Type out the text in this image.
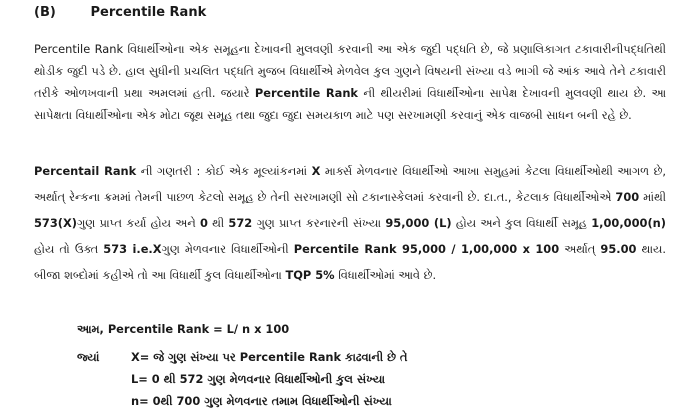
(B)	Percentile Rank

Percentile Rank વિધાર્થીઓના એક સમૂહના દેખાવની મુલવણી કરવાની આ એક જુદી પદ્ધતિ છે, જે પ્રણાલિકાગત ટકાવારીનીપદ્ધતિથી થોડીક જુદી પડે છે. હાલ સુધીની પ્રચલિત પદ્ધતિ મુજબ વિધાર્થીએ મેળવેલ કુલ ગુણને વિષયની સંખ્યા વડે ભાગી જે આંક આવે તેને ટકાવારી તરીકે ઓળખવાની પ્રથા અમલમાં હતી. જયારે Percentile Rank ની થીયરીમાં વિધાર્થીઓના સાપેક્ષ દેખાવની મુલવણી થાય છે. આ સાપેક્ષતા વિધાર્થીઓના એક મોટા જૂથ સમૂહ તથા જુદા જુદા સમયકાળ માટે પણ સરખામણી કરવાનું એક વાજબી સાધન બની રહે છે.

Percentail Rank ની ગણતરી : કોઈ એક મૂલ્યાંકનમાં X માર્ક્સ મેળવનાર વિધાર્થીઓ આખા સમુહમાં કેટલા વિધાર્થીઓથી આગળ છે, અર્થાત્ રેન્કના ક્રમમાં તેમની પાછળ કેટલો સમૂહ છે તેની સરખામણી સો ટકાનાસ્કેલમાં કરવાની છે. દા.ત., કેટલાક વિધાર્થીઓએ 700 માંથી 573(X)ગુણ પ્રાપ્ત કર્યા હોય અને 0 થી 572 ગુણ પ્રાપ્ત કરનારની સંખ્યા 95,000 (L) હોય અને કુલ વિધાર્થી સમૂહ 1,00,000(n) હોય તો ઉક્ત 573 i.e.Xગુણ મેળવનાર વિધાર્થીઓની Percentile Rank 95,000 / 1,00,000 x 100 અર્થાત્ 95.00 થાય. બીજા શબ્દોમાં કહીએ તો આ વિધાર્થી કુલ વિધાર્થીઓના TQP 5% વિધાર્થીઓમાં આવે છે.

આમ, Percentile Rank = L/ n x 100
જ્યાં	X= જે ગુણ સંખ્યા પર Percentile Rank કાઢવાની છે તે
L= 0 થી 572 ગુણ મેળવનાર વિધાર્થીઓની કુલ સંખ્યા
n= 0થી 700 ગુણ મેળવનાર તમામ વિધાર્થીઓની સંખ્યા
